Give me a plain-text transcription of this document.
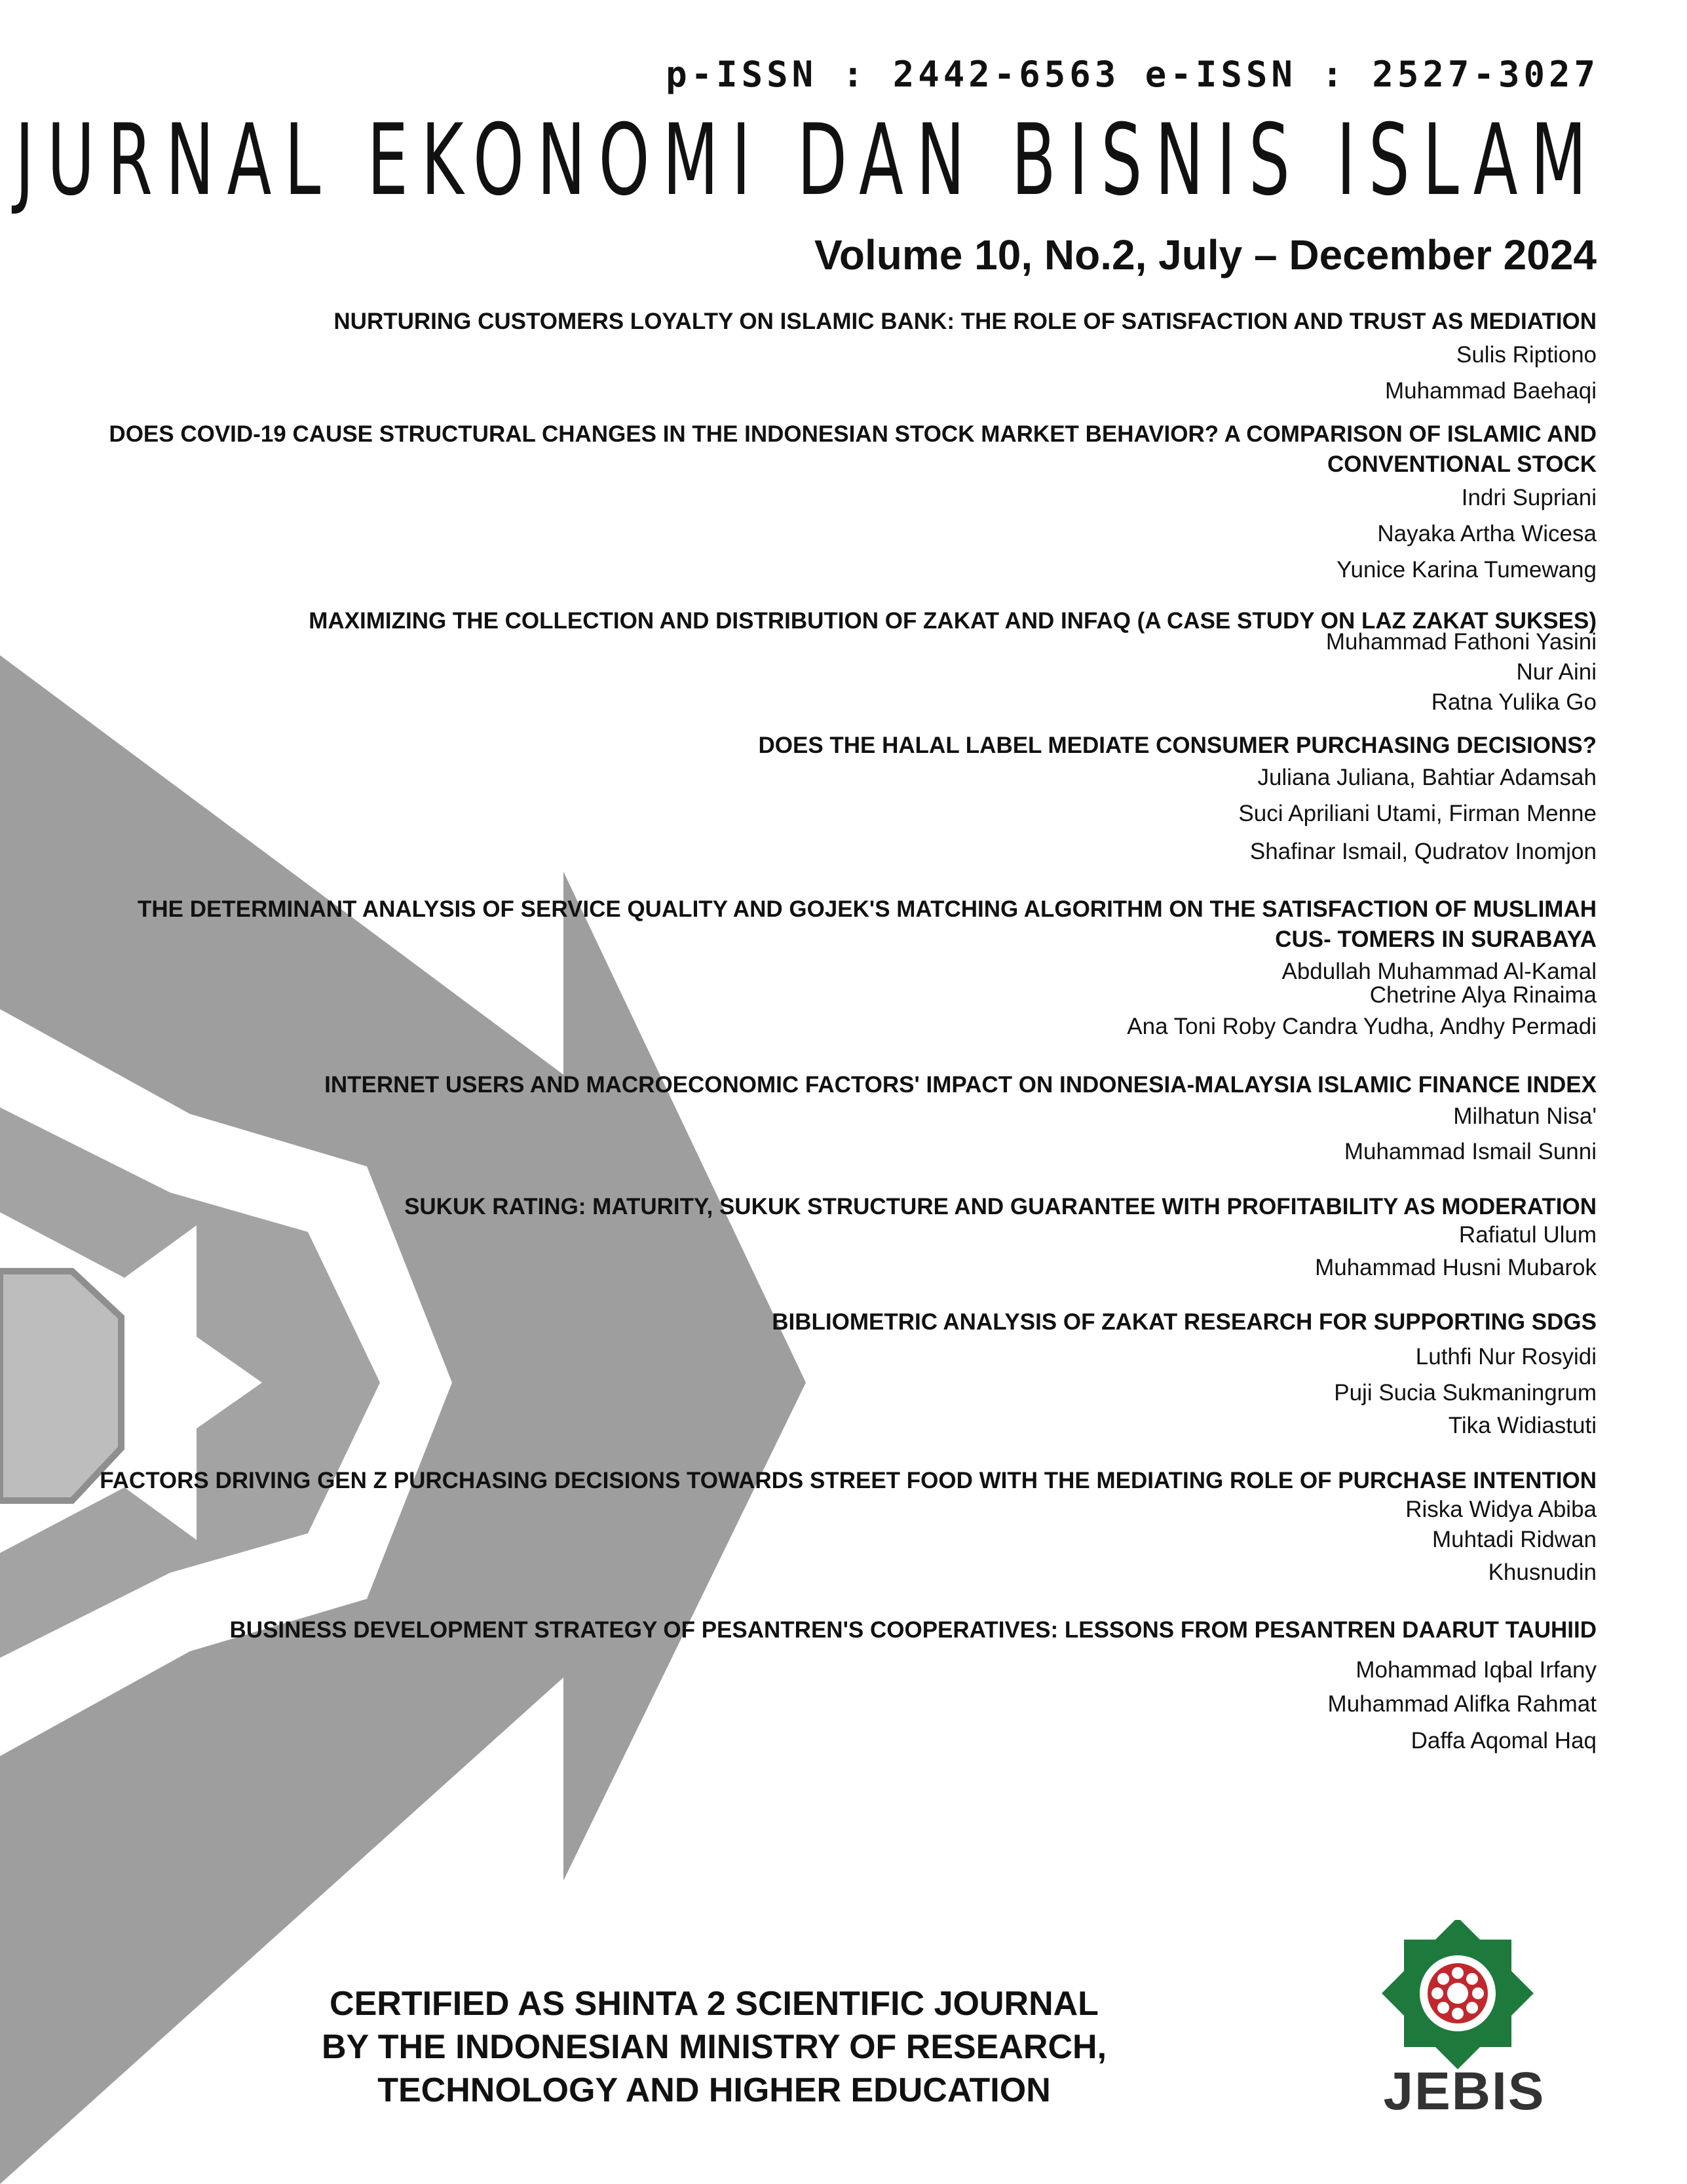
p-ISSN : 2442-6563 e-ISSN : 2527-3027

JURNAL EKONOMI DAN BISNIS ISLAM
Volume 10, No.2, July – December 2024

NURTURING CUSTOMERS LOYALTY ON ISLAMIC BANK: THE ROLE OF SATISFACTION AND TRUST AS MEDIATION

Sulis Riptiono
Muhammad Baehaqi

DOES COVID-19 CAUSE STRUCTURAL CHANGES IN THE INDONESIAN STOCK MARKET BEHAVIOR? A COMPARISON OF ISLAMIC AND CONVENTIONAL STOCK

Indri Supriani
Nayaka Artha Wicesa
Yunice Karina Tumewang

MAXIMIZING THE COLLECTION AND DISTRIBUTION OF ZAKAT AND INFAQ (A CASE STUDY ON LAZ ZAKAT SUKSES)

Muhammad Fathoni Yasini
Nur Aini
Ratna Yulika Go

DOES THE HALAL LABEL MEDIATE CONSUMER PURCHASING DECISIONS?

Juliana Juliana, Bahtiar Adamsah
Suci Apriliani Utami, Firman Menne
Shafinar Ismail, Qudratov Inomjon

THE DETERMINANT ANALYSIS OF SERVICE QUALITY AND GOJEK'S MATCHING ALGORITHM ON THE SATISFACTION OF MUSLIMAH CUS- TOMERS IN SURABAYA

Abdullah Muhammad Al-Kamal
Chetrine Alya Rinaima
Ana Toni Roby Candra Yudha, Andhy Permadi

INTERNET USERS AND MACROECONOMIC FACTORS' IMPACT ON INDONESIA-MALAYSIA ISLAMIC FINANCE INDEX

Milhatun Nisa'
Muhammad Ismail Sunni

SUKUK RATING: MATURITY, SUKUK STRUCTURE AND GUARANTEE WITH PROFITABILITY AS MODERATION

Rafiatul Ulum
Muhammad Husni Mubarok

BIBLIOMETRIC ANALYSIS OF ZAKAT RESEARCH FOR SUPPORTING SDGS

Luthfi Nur Rosyidi
Puji Sucia Sukmaningrum
Tika Widiastuti

FACTORS DRIVING GEN Z PURCHASING DECISIONS TOWARDS STREET FOOD WITH THE MEDIATING ROLE OF PURCHASE INTENTION

Riska Widya Abiba
Muhtadi Ridwan
Khusnudin

BUSINESS DEVELOPMENT STRATEGY OF PESANTREN'S COOPERATIVES: LESSONS FROM PESANTREN DAARUT TAUHIID

Mohammad Iqbal Irfany
Muhammad Alifka Rahmat
Daffa Aqomal Haq
CERTIFIED AS SHINTA 2 SCIENTIFIC JOURNAL
BY THE INDONESIAN MINISTRY OF RESEARCH,
TECHNOLOGY AND HIGHER EDUCATION	JEBIS
